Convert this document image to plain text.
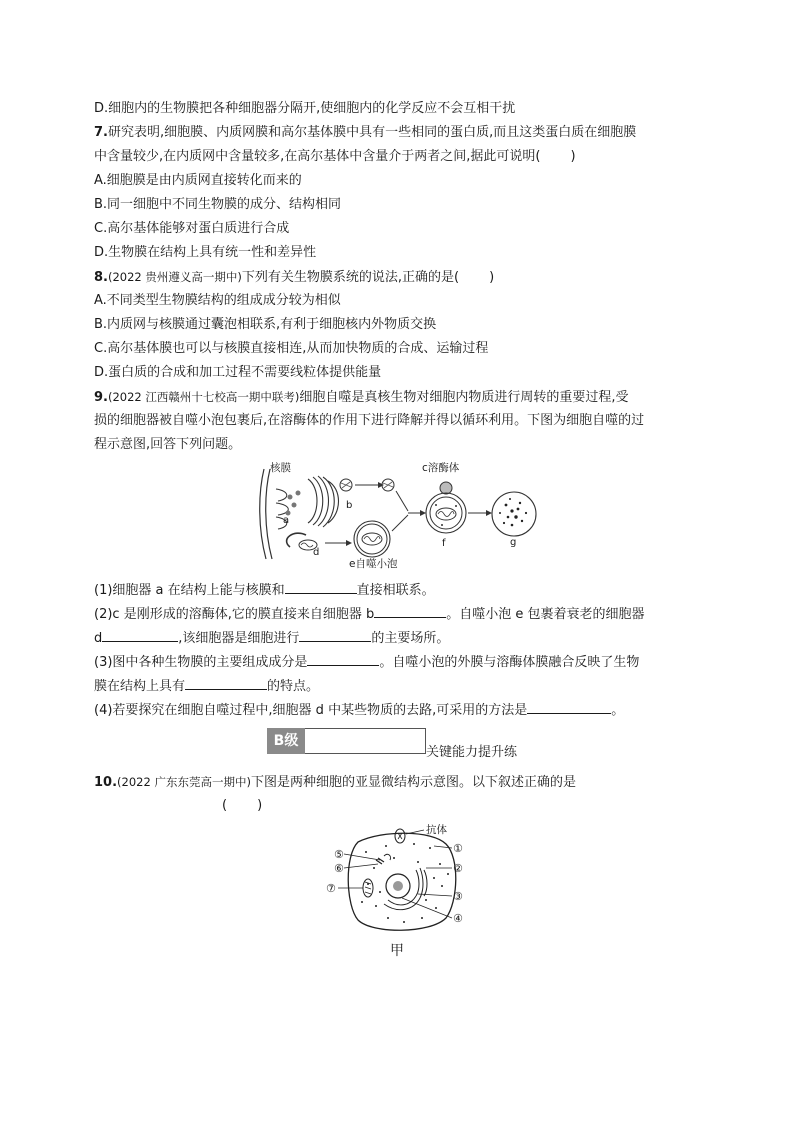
D.细胞内的生物膜把各种细胞器分隔开,使细胞内的化学反应不会互相干扰
7.研究表明,细胞膜、内质网膜和高尔基体膜中具有一些相同的蛋白质,而且这类蛋白质在细胞膜
中含量较少,在内质网中含量较多,在高尔基体中含量介于两者之间,据此可说明( )
A.细胞膜是由内质网直接转化而来的
B.同一细胞中不同生物膜的成分、结构相同
C.高尔基体能够对蛋白质进行合成
D.生物膜在结构上具有统一性和差异性
8.(2022 贵州遵义高一期中)下列有关生物膜系统的说法,正确的是( )
A.不同类型生物膜结构的组成成分较为相似
B.内质网与核膜通过囊泡相联系,有利于细胞核内外物质交换
C.高尔基体膜也可以与核膜直接相连,从而加快物质的合成、运输过程
D.蛋白质的合成和加工过程不需要线粒体提供能量
9.(2022 江西赣州十七校高一期中联考)细胞自噬是真核生物对细胞内物质进行周转的重要过程,受
损的细胞器被自噬小泡包裹后,在溶酶体的作用下进行降解并得以循环利用。下图为细胞自噬的过
程示意图,回答下列问题。
核膜
a
b
d
e自噬小泡
c溶酶体
f	g
(1)细胞器 a 在结构上能与核膜和	直接相联系。
(2)c 是刚形成的溶酶体,它的膜直接来自细胞器 b	。自噬小泡 e 包裹着衰老的细胞器
d	,该细胞器是细胞进行	的主要场所。
(3)图中各种生物膜的主要组成成分是	。自噬小泡的外膜与溶酶体膜融合反映了生物
膜在结构上具有	的特点。
(4)若要探究在细胞自噬过程中,细胞器 d 中某些物质的去路,可采用的方法是	。
B级
关键能力提升练
10.(2022 广东东莞高一期中)下图是两种细胞的亚显微结构示意图。以下叙述正确的是
( )
抗体
①
②
③
④
⑤
⑥
⑦
甲
